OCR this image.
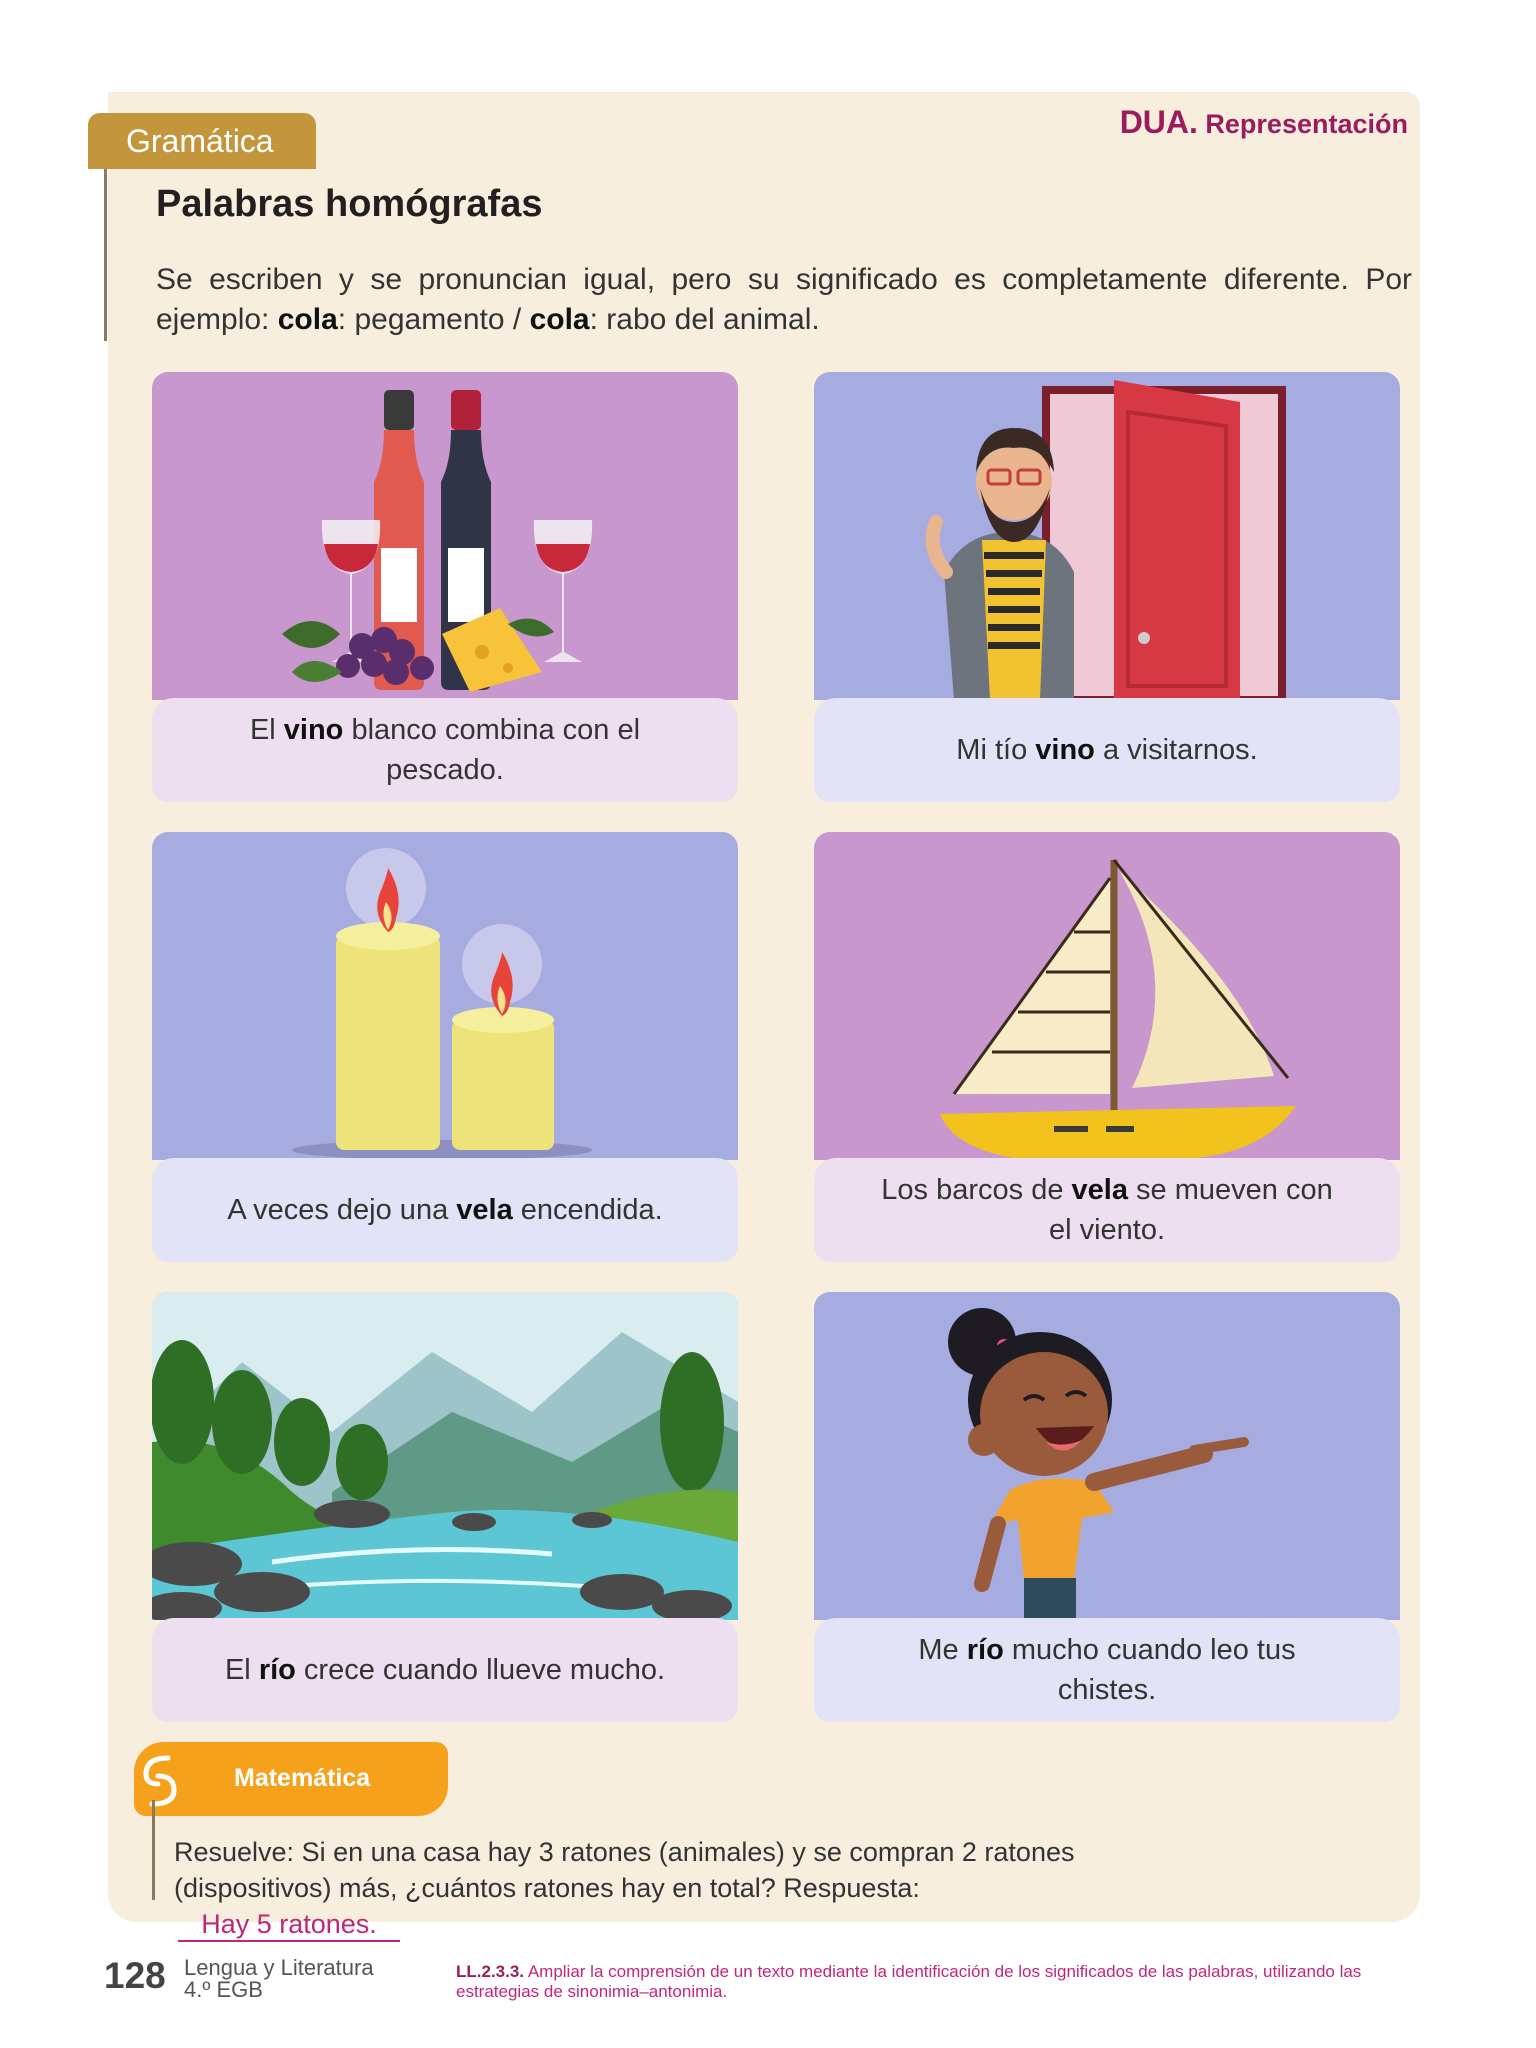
DUA. Representación
Gramática
Palabras homógrafas
Se escriben y se pronuncian igual, pero su significado es completamente diferente. Por ejemplo: cola: pegamento / cola: rabo del animal.
El vino blanco combina con el pescado.
Mi tío vino a visitarnos.
A veces dejo una vela encendida.
Los barcos de vela se mueven con el viento.
El río crece cuando llueve mucho.
Me río mucho cuando leo tus chistes.
Matemática
Resuelve: Si en una casa hay 3 ratones (animales) y se compran 2 ratones (dispositivos) más, ¿cuántos ratones hay en total? Respuesta:Hay 5 ratones.
128 Lengua y Literatura
4.º EGB
LL.2.3.3. Ampliar la comprensión de un texto mediante la identificación de los significados de las palabras, utilizando las estrategias de sinonimia–antonimia.
